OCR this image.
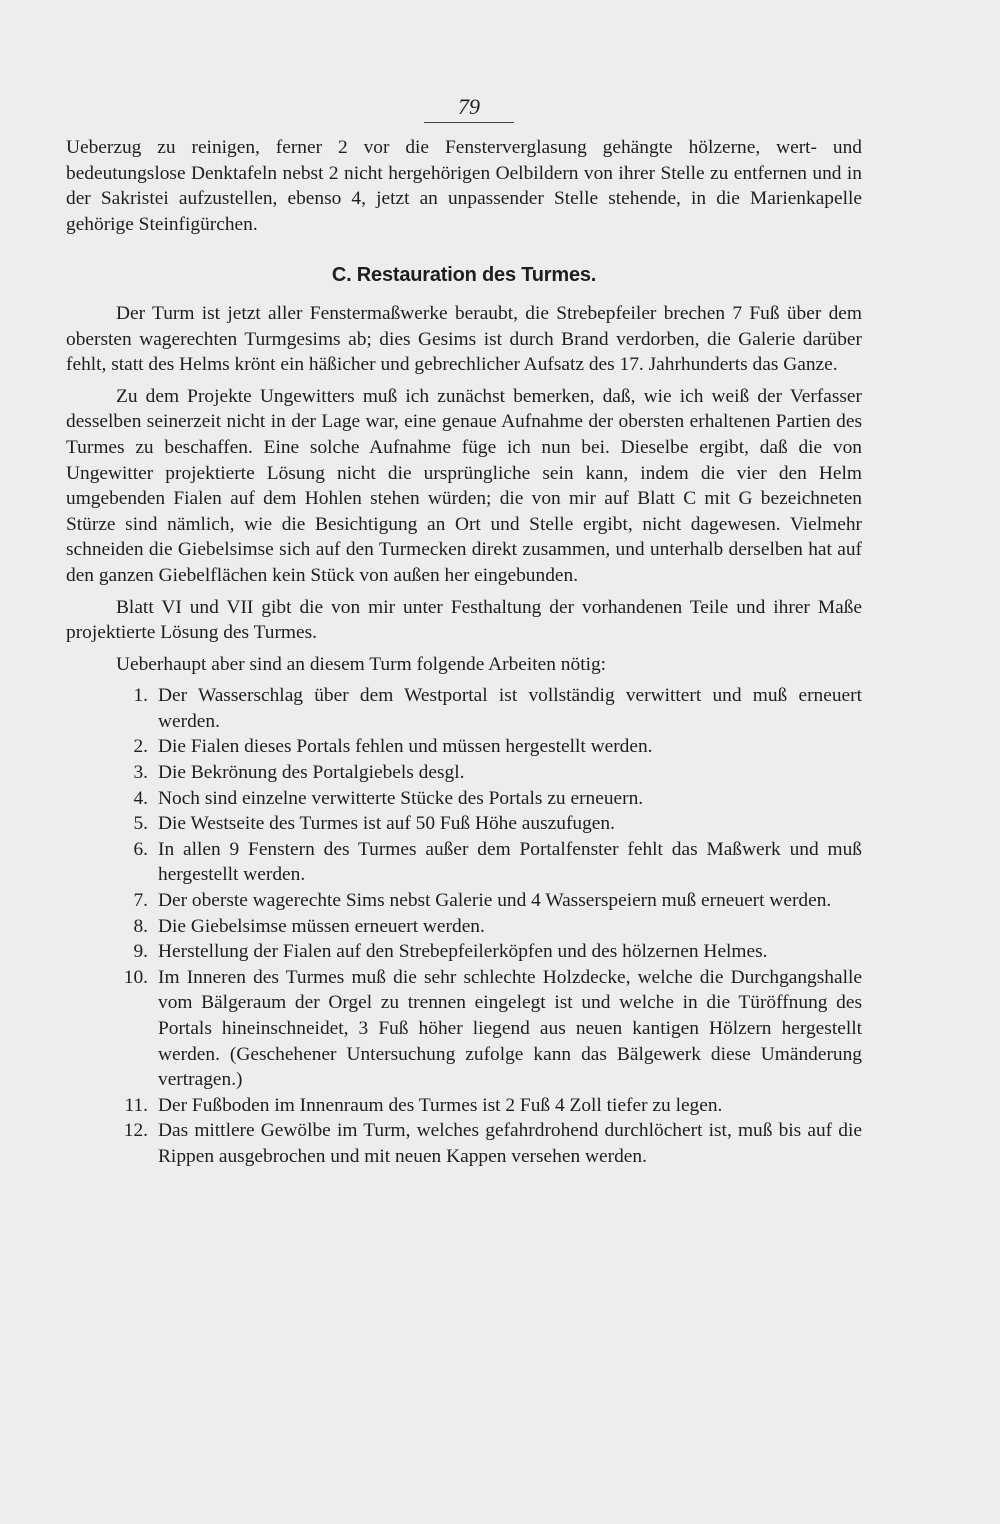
79

Ueberzug zu reinigen, ferner 2 vor die Fensterverglasung gehängte hölzerne, wert- und bedeutungslose Denktafeln nebst 2 nicht hergehörigen Oelbildern von ihrer Stelle zu entfernen und in der Sakristei aufzustellen, ebenso 4, jetzt an unpassender Stelle stehende, in die Marienkapelle gehörige Steinfigürchen.

C. Restauration des Turmes.

Der Turm ist jetzt aller Fenstermaßwerke beraubt, die Strebepfeiler brechen 7 Fuß über dem obersten wagerechten Turmgesims ab; dies Gesims ist durch Brand verdorben, die Galerie darüber fehlt, statt des Helms krönt ein häßicher und gebrechlicher Aufsatz des 17. Jahrhunderts das Ganze.

Zu dem Projekte Ungewitters muß ich zunächst bemerken, daß, wie ich weiß der Verfasser desselben seinerzeit nicht in der Lage war, eine genaue Aufnahme der obersten erhaltenen Partien des Turmes zu beschaffen. Eine solche Aufnahme füge ich nun bei. Dieselbe ergibt, daß die von Ungewitter projektierte Lösung nicht die ursprüngliche sein kann, indem die vier den Helm umgebenden Fialen auf dem Hohlen stehen würden; die von mir auf Blatt C mit G bezeichneten Stürze sind nämlich, wie die Besichtigung an Ort und Stelle ergibt, nicht dagewesen. Vielmehr schneiden die Giebelsimse sich auf den Turmecken direkt zusammen, und unterhalb derselben hat auf den ganzen Giebelflächen kein Stück von außen her eingebunden.

Blatt VI und VII gibt die von mir unter Festhaltung der vorhandenen Teile und ihrer Maße projektierte Lösung des Turmes.

Ueberhaupt aber sind an diesem Turm folgende Arbeiten nötig:

1. Der Wasserschlag über dem Westportal ist vollständig verwittert und muß erneuert werden.
2. Die Fialen dieses Portals fehlen und müssen hergestellt werden.
3. Die Bekrönung des Portalgiebels desgl.
4. Noch sind einzelne verwitterte Stücke des Portals zu erneuern.
5. Die Westseite des Turmes ist auf 50 Fuß Höhe auszufugen.
6. In allen 9 Fenstern des Turmes außer dem Portalfenster fehlt das Maßwerk und muß hergestellt werden.
7. Der oberste wagerechte Sims nebst Galerie und 4 Wasserspeiern muß erneuert werden.
8. Die Giebelsimse müssen erneuert werden.
9. Herstellung der Fialen auf den Strebepfeilerköpfen und des hölzernen Helmes.
10. Im Inneren des Turmes muß die sehr schlechte Holzdecke, welche die Durchgangshalle vom Bälgeraum der Orgel zu trennen eingelegt ist und welche in die Türöffnung des Portals hineinschneidet, 3 Fuß höher liegend aus neuen kantigen Hölzern hergestellt werden. (Geschehener Untersuchung zufolge kann das Bälgewerk diese Umänderung vertragen.)
11. Der Fußboden im Innenraum des Turmes ist 2 Fuß 4 Zoll tiefer zu legen.
12. Das mittlere Gewölbe im Turm, welches gefahrdrohend durchlöchert ist, muß bis auf die Rippen ausgebrochen und mit neuen Kappen versehen werden.
